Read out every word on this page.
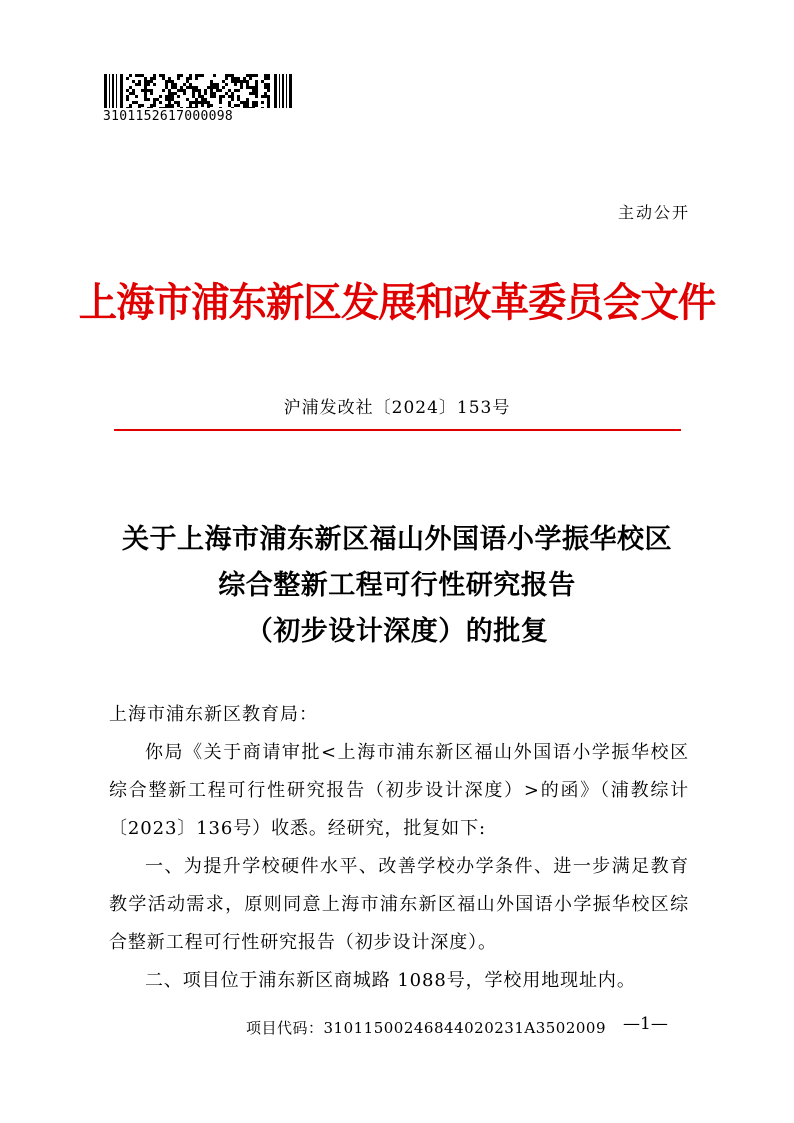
3101152617000098
主动公开
上海市浦东新区发展和改革委员会文件
沪浦发改社〔2024〕153号
关于上海市浦东新区福山外国语小学振华校区
综合整新工程可行性研究报告
（初步设计深度）的批复
上海市浦东新区教育局：

你局《关于商请审批<上海市浦东新区福山外国语小学振华校区综合整新工程可行性研究报告（初步设计深度）>的函》（浦教综计〔2023〕136号）收悉。经研究，批复如下:

一、为提升学校硬件水平、改善学校办学条件、进一步满足教育教学活动需求，原则同意上海市浦东新区福山外国语小学振华校区综合整新工程可行性研究报告（初步设计深度）。

二、项目位于浦东新区商城路 1088号，学校用地现址内。

项目代码：31011500246844020231A3502009 —1—
